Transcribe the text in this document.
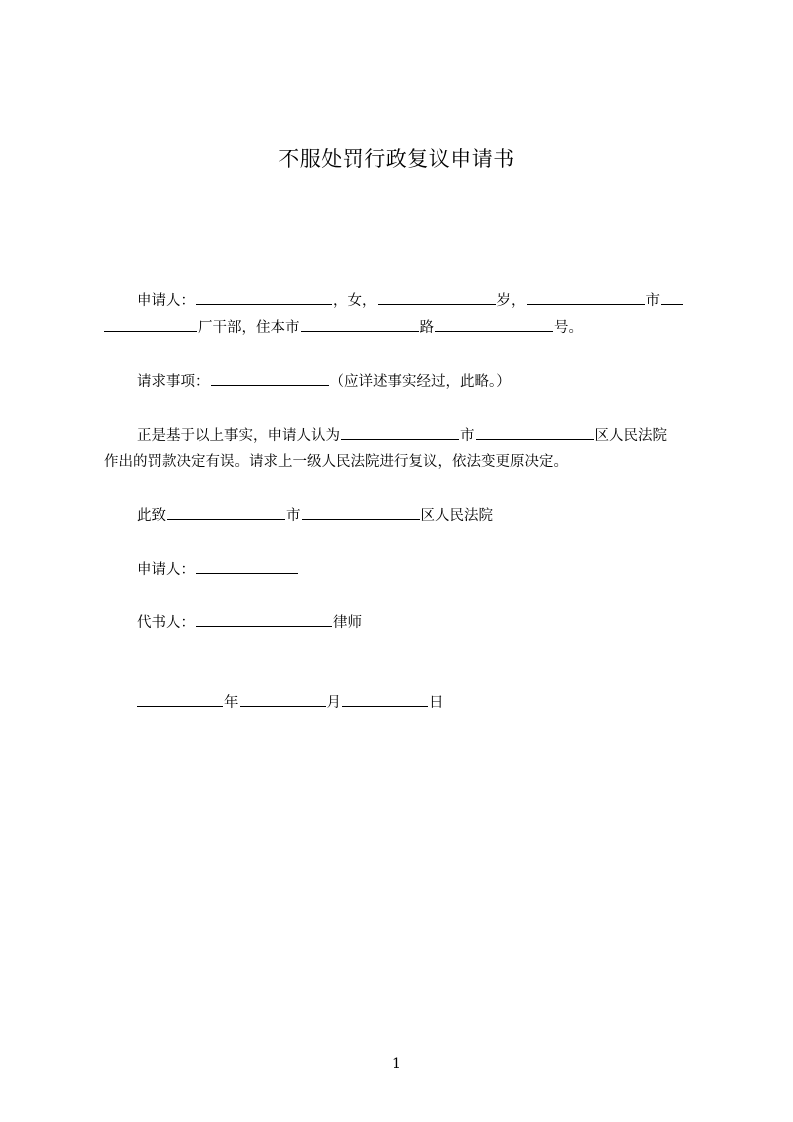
不服处罚行政复议申请书
申请人：	，女，	岁，	市
厂干部，住本市	路	号。
请求事项：	（应详述事实经过，此略。）
正是基于以上事实，申请人认为	市	区人民法院
作出的罚款决定有误。请求上一级人民法院进行复议，依法变更原决定。
此致	市	区人民法院
申请人：
代书人：	律师
年	月	日
1
